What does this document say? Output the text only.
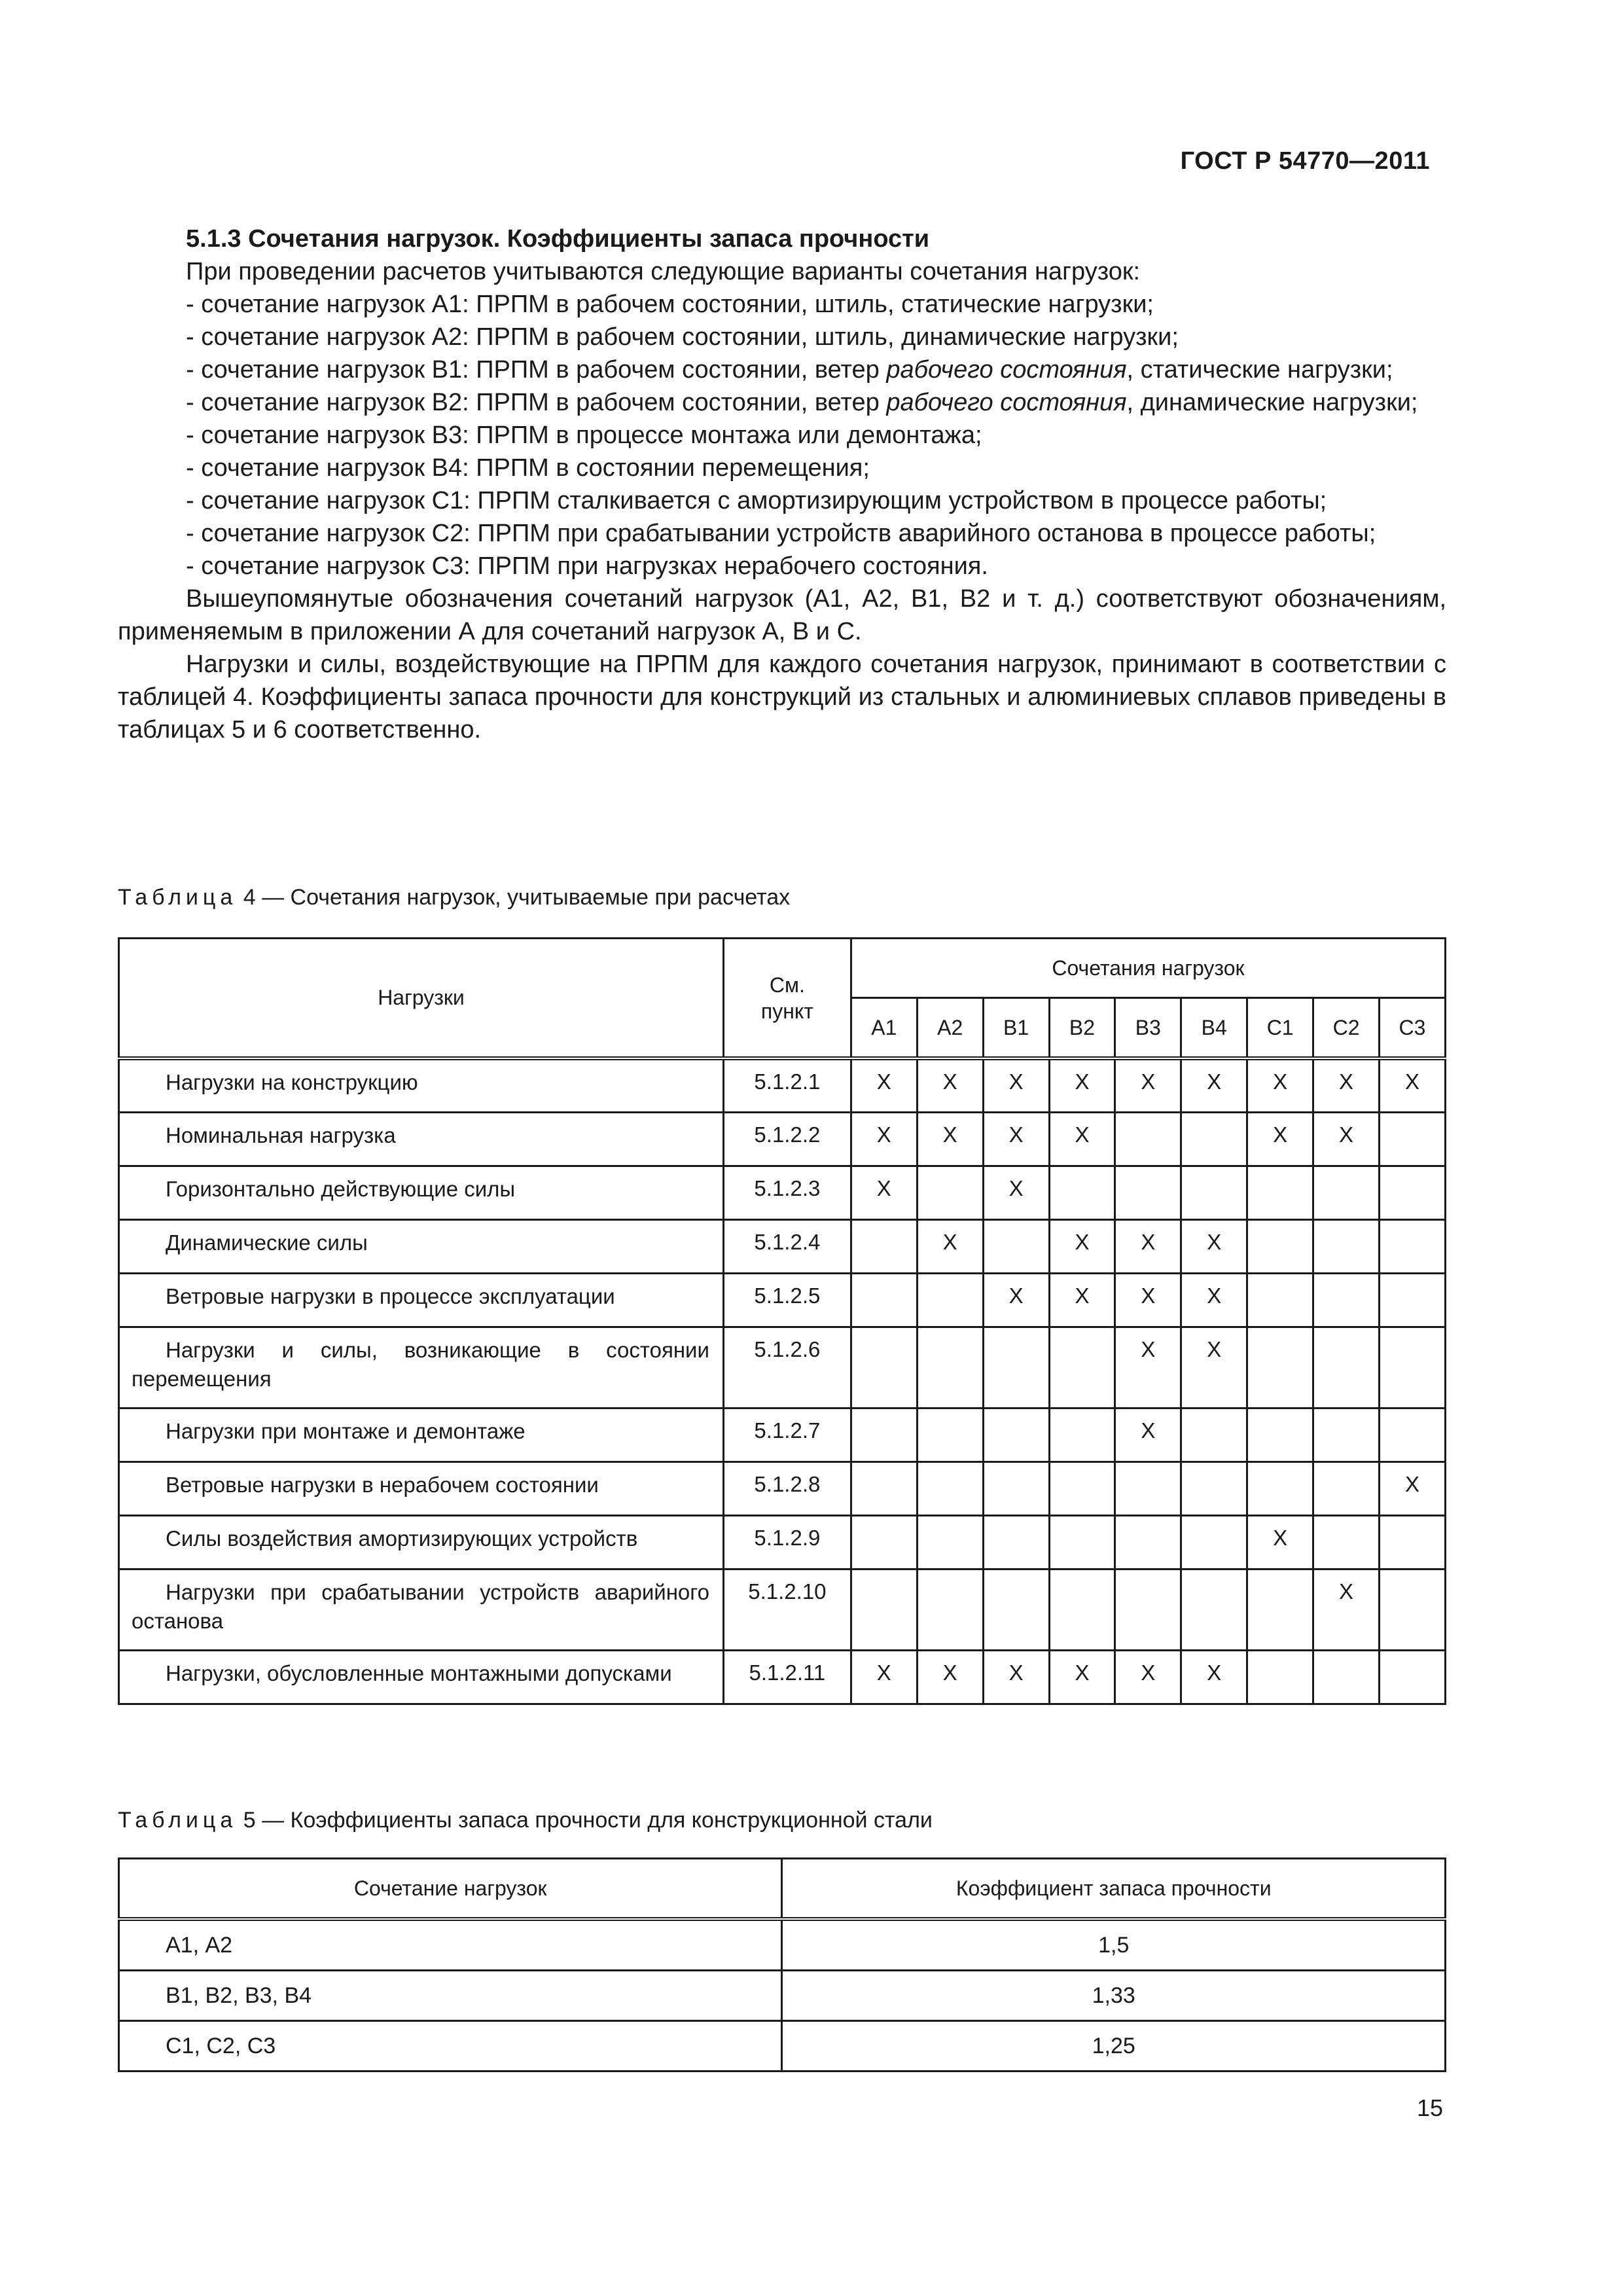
ГОСТ Р 54770—2011

5.1.3 Сочетания нагрузок. Коэффициенты запаса прочности

При проведении расчетов учитываются следующие варианты сочетания нагрузок:

- сочетание нагрузок А1: ПРПМ в рабочем состоянии, штиль, статические нагрузки;

- сочетание нагрузок А2: ПРПМ в рабочем состоянии, штиль, динамические нагрузки;

- сочетание нагрузок В1: ПРПМ в рабочем состоянии, ветер рабочего состояния, статические нагрузки;

- сочетание нагрузок В2: ПРПМ в рабочем состоянии, ветер рабочего состояния, динамические нагрузки;

- сочетание нагрузок В3: ПРПМ в процессе монтажа или демонтажа;

- сочетание нагрузок В4: ПРПМ в состоянии перемещения;

- сочетание нагрузок С1: ПРПМ сталкивается с амортизирующим устройством в процессе работы;

- сочетание нагрузок С2: ПРПМ при срабатывании устройств аварийного останова в процессе работы;

- сочетание нагрузок С3: ПРПМ при нагрузках нерабочего состояния.

Вышеупомянутые обозначения сочетаний нагрузок (А1, А2, В1, В2 и т. д.) соответствуют обозначениям, применяемым в приложении А для сочетаний нагрузок А, В и С.

Нагрузки и силы, воздействующие на ПРПМ для каждого сочетания нагрузок, принимают в соответствии с таблицей 4. Коэффициенты запаса прочности для конструкций из стальных и алюминиевых сплавов приведены в таблицах 5 и 6 соответственно.

Таблица 4 — Сочетания нагрузок, учитываемые при расчетах
Нагрузки	См. пункт	Сочетания нагрузок								
		А1	А2	В1	В2	В3	В4	С1	С2	С3
Нагрузки на конструкцию	5.1.2.1	Х	Х	Х	Х	Х	Х	Х	Х	Х
Номинальная нагрузка	5.1.2.2	Х	Х	Х	Х			Х	Х	
Горизонтально действующие силы	5.1.2.3	Х		Х						
Динамические силы	5.1.2.4		Х		Х	Х	Х			
Ветровые нагрузки в процессе эксплуатации	5.1.2.5			Х	Х	Х	Х			
Нагрузки и силы, возникающие в состоянии перемещения	5.1.2.6					Х	Х			
Нагрузки при монтаже и демонтаже	5.1.2.7					Х				
Ветровые нагрузки в нерабочем состоянии	5.1.2.8									Х
Силы воздействия амортизирующих устройств	5.1.2.9							Х		
Нагрузки при срабатывании устройств аварийного останова	5.1.2.10								Х	
Нагрузки, обусловленные монтажными допусками	5.1.2.11	Х	Х	Х	Х	Х	Х			
Таблица 5 — Коэффициенты запаса прочности для конструкционной стали
Сочетание нагрузок	Коэффициент запаса прочности
А1, А2	1,5
В1, В2, В3, В4	1,33
С1, С2, С3	1,25
15
